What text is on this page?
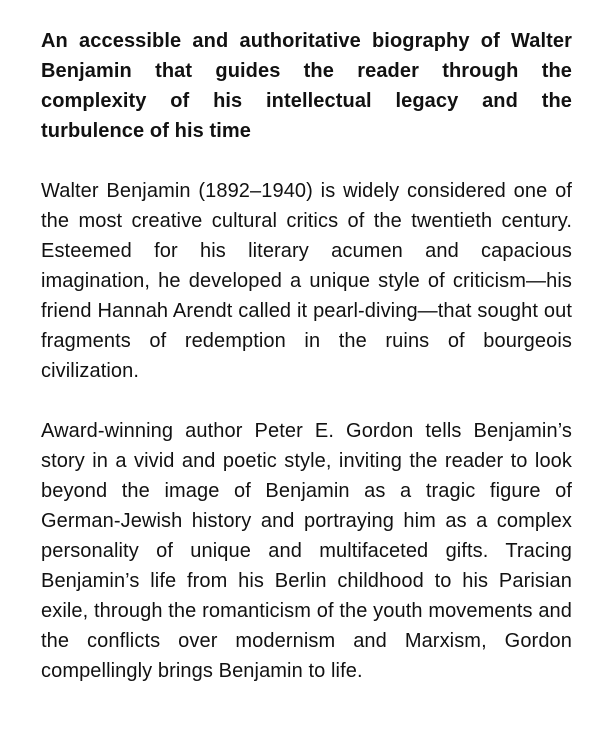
An accessible and authoritative biography of Walter Benjamin that guides the reader through the complexity of his intellectual legacy and the turbulence of his time

Walter Benjamin (1892–1940) is widely considered one of the most creative cultural critics of the twentieth century. Esteemed for his literary acumen and capacious imagination, he developed a unique style of criticism—his friend Hannah Arendt called it pearl-diving—that sought out fragments of redemption in the ruins of bourgeois civilization.

Award-winning author Peter E. Gordon tells Benjamin’s story in a vivid and poetic style, inviting the reader to look beyond the image of Benjamin as a tragic figure of German-Jewish history and portraying him as a complex personality of unique and multifaceted gifts. Tracing Benjamin’s life from his Berlin childhood to his Parisian exile, through the romanticism of the youth movements and the conflicts over modernism and Marxism, Gordon compellingly brings Benjamin to life.
